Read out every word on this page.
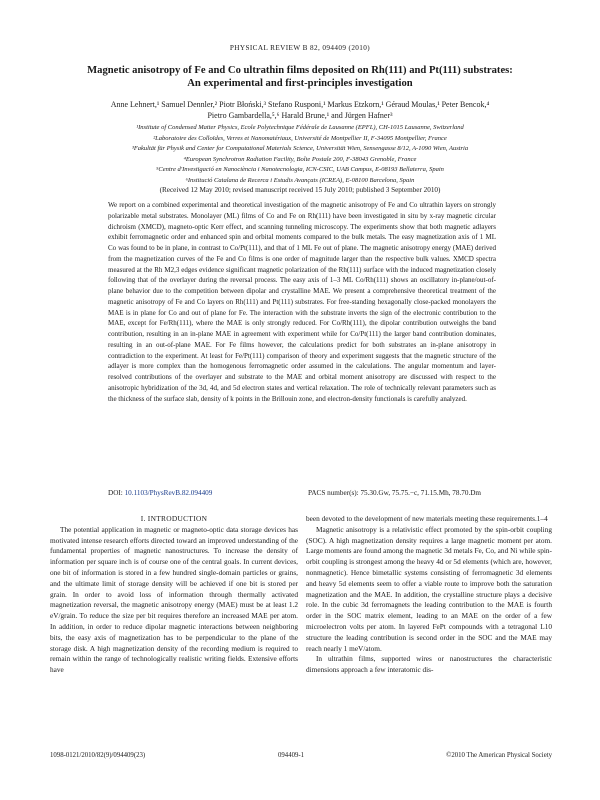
PHYSICAL REVIEW B 82, 094409 (2010)
Magnetic anisotropy of Fe and Co ultrathin films deposited on Rh(111) and Pt(111) substrates:
An experimental and first-principles investigation
Anne Lehnert,¹ Samuel Dennler,² Piotr Błoński,³ Stefano Rusponi,¹ Markus Etzkorn,¹ Géraud Moulas,¹ Peter Bencok,⁴
Pietro Gambardella,⁵,⁶ Harald Brune,¹ and Jürgen Hafner³
¹Institute of Condensed Matter Physics, Ecole Polytechnique Fédérale de Lausanne (EPFL), CH-1015 Lausanne, Switzerland
²Laboratoire des Colloïdes, Verres et Nanomatériaux, Université de Montpellier II, F-34095 Montpellier, France
³Fakultät für Physik and Center for Computational Materials Science, Universität Wien, Sensengasse 8/12, A-1090 Wien, Austria
⁴European Synchrotron Radiation Facility, Boîte Postale 200, F-38043 Grenoble, France
⁵Centre d'Investigació en Nanociència i Nanotecnologia, ICN-CSIC, UAB Campus, E-08193 Bellaterra, Spain
⁶Institució Catalana de Recerca i Estudis Avançats (ICREA), E-08100 Barcelona, Spain
(Received 12 May 2010; revised manuscript received 15 July 2010; published 3 September 2010)
We report on a combined experimental and theoretical investigation of the magnetic anisotropy of Fe and Co ultrathin layers on strongly polarizable metal substrates. Monolayer (ML) films of Co and Fe on Rh(111) have been investigated in situ by x-ray magnetic circular dichroism (XMCD), magneto-optic Kerr effect, and scanning tunneling microscopy. The experiments show that both magnetic adlayers exhibit ferromagnetic order and enhanced spin and orbital moments compared to the bulk metals. The easy magnetization axis of 1 ML Co was found to be in plane, in contrast to Co/Pt(111), and that of 1 ML Fe out of plane. The magnetic anisotropy energy (MAE) derived from the magnetization curves of the Fe and Co films is one order of magnitude larger than the respective bulk values. XMCD spectra measured at the Rh M2,3 edges evidence significant magnetic polarization of the Rh(111) surface with the induced magnetization closely following that of the overlayer during the reversal process. The easy axis of 1–3 ML Co/Rh(111) shows an oscillatory in-plane/out-of-plane behavior due to the competition between dipolar and crystalline MAE. We present a comprehensive theoretical treatment of the magnetic anisotropy of Fe and Co layers on Rh(111) and Pt(111) substrates. For free-standing hexagonally close-packed monolayers the MAE is in plane for Co and out of plane for Fe. The interaction with the substrate inverts the sign of the electronic contribution to the MAE, except for Fe/Rh(111), where the MAE is only strongly reduced. For Co/Rh(111), the dipolar contribution outweighs the band contribution, resulting in an in-plane MAE in agreement with experiment while for Co/Pt(111) the larger band contribution dominates, resulting in an out-of-plane MAE. For Fe films however, the calculations predict for both substrates an in-plane anisotropy in contradiction to the experiment. At least for Fe/Pt(111) comparison of theory and experiment suggests that the magnetic structure of the adlayer is more complex than the homogenous ferromagnetic order assumed in the calculations. The angular momentum and layer-resolved contributions of the overlayer and substrate to the MAE and orbital moment anisotropy are discussed with respect to the anisotropic hybridization of the 3d, 4d, and 5d electron states and vertical relaxation. The role of technically relevant parameters such as the thickness of the surface slab, density of k points in the Brillouin zone, and electron-density functionals is carefully analyzed.
DOI: 10.1103/PhysRevB.82.094409	PACS number(s): 75.30.Gw, 75.75.−c, 71.15.Mh, 78.70.Dm

I. INTRODUCTION

The potential application in magnetic or magneto-optic data storage devices has motivated intense research efforts directed toward an improved understanding of the fundamental properties of magnetic nanostructures. To increase the density of information per square inch is of course one of the central goals. In current devices, one bit of information is stored in a few hundred single-domain particles or grains, and the ultimate limit of storage density will be achieved if one bit is stored per grain. In order to avoid loss of information through thermally activated magnetization reversal, the magnetic anisotropy energy (MAE) must be at least 1.2 eV/grain. To reduce the size per bit requires therefore an increased MAE per atom. In addition, in order to reduce dipolar magnetic interactions between neighboring bits, the easy axis of magnetization has to be perpendicular to the plane of the storage disk. A high magnetization density of the recording medium is required to remain within the range of technologically realistic writing fields. Extensive efforts have

been devoted to the development of new materials meeting these requirements.1–4

Magnetic anisotropy is a relativistic effect promoted by the spin-orbit coupling (SOC). A high magnetization density requires a large magnetic moment per atom. Large moments are found among the magnetic 3d metals Fe, Co, and Ni while spin-orbit coupling is strongest among the heavy 4d or 5d elements (which are, however, nonmagnetic). Hence bimetallic systems consisting of ferromagnetic 3d elements and heavy 5d elements seem to offer a viable route to improve both the saturation magnetization and the MAE. In addition, the crystalline structure plays a decisive role. In the cubic 3d ferromagnets the leading contribution to the MAE is fourth order in the SOC matrix element, leading to an MAE on the order of a few microelectron volts per atom. In layered FePt compounds with a tetragonal L10 structure the leading contribution is second order in the SOC and the MAE may reach nearly 1 meV/atom.

In ultrathin films, supported wires or nanostructures the characteristic dimensions approach a few interatomic dis-

1098-0121/2010/82(9)/094409(23)	094409-1	©2010 The American Physical Society
